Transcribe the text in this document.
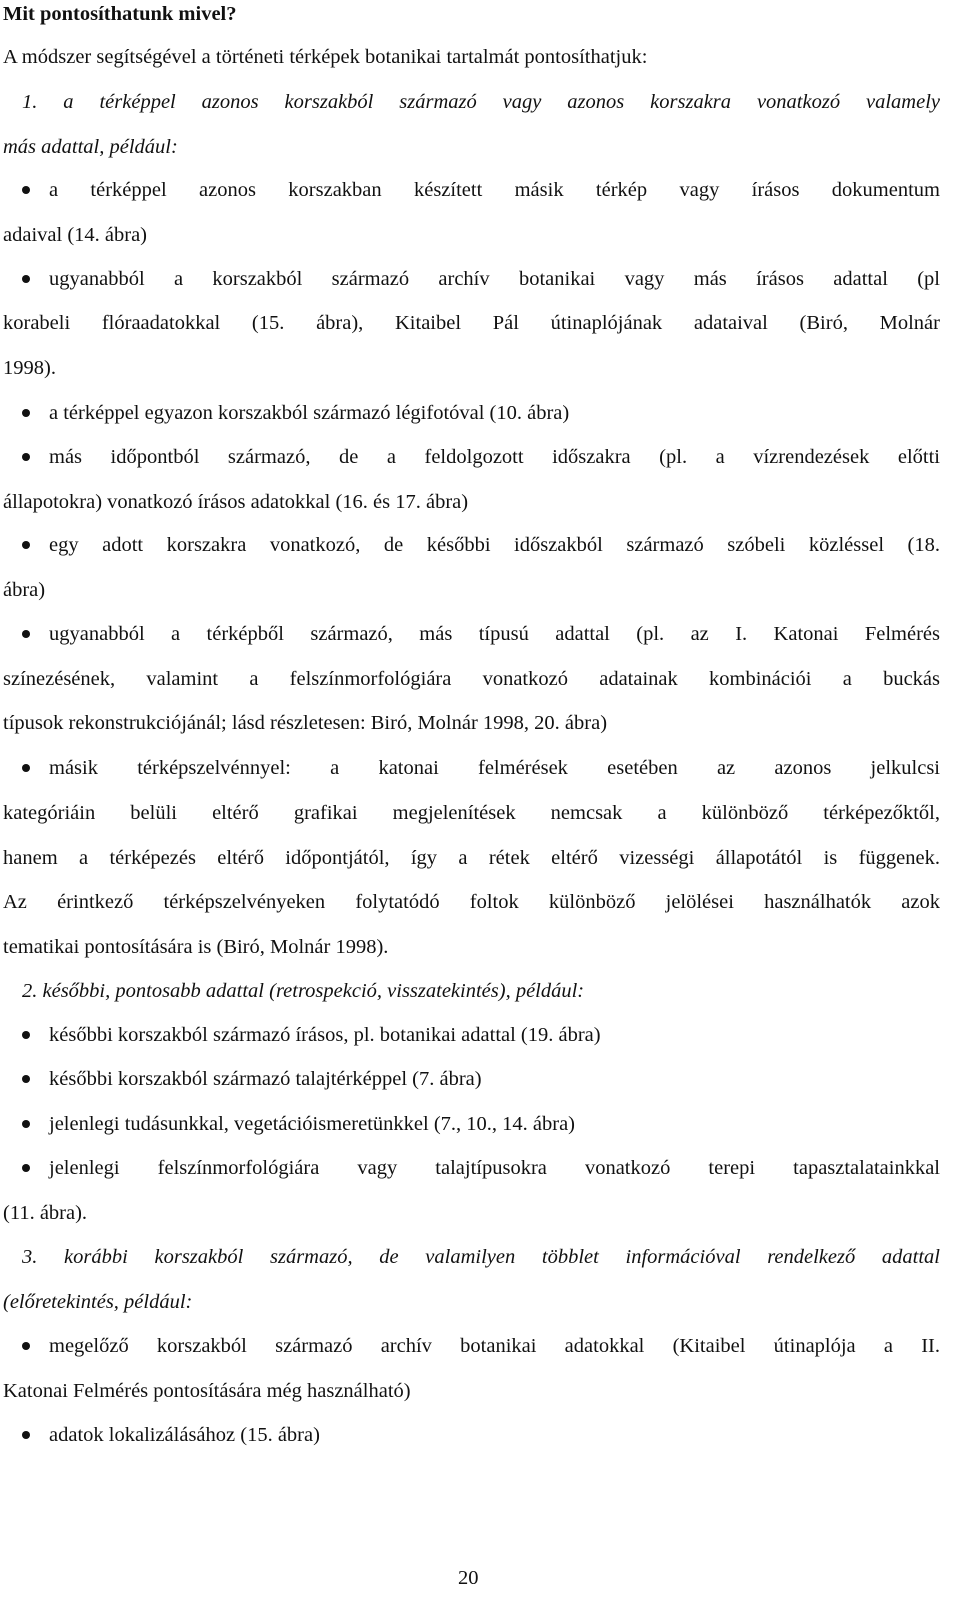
Mit pontosíthatunk mivel?
A módszer segítségével a történeti térképek botanikai tartalmát pontosíthatjuk:
1. a térképpel azonos korszakból származó vagy azonos korszakra vonatkozó valamely
más adattal, például:
a térképpel azonos korszakban készített másik térkép vagy írásos dokumentum
adaival (14. ábra)
ugyanabból a korszakból származó archív botanikai vagy más írásos adattal (pl
korabeli flóraadatokkal (15. ábra), Kitaibel Pál útinaplójának adataival (Biró, Molnár
1998).
a térképpel egyazon korszakból származó légifotóval (10. ábra)
más időpontból származó, de a feldolgozott időszakra (pl. a vízrendezések előtti
állapotokra) vonatkozó írásos adatokkal (16. és 17. ábra)
egy adott korszakra vonatkozó, de későbbi időszakból származó szóbeli közléssel (18.
ábra)
ugyanabból a térképből származó, más típusú adattal (pl. az I. Katonai Felmérés
színezésének, valamint a felszínmorfológiára vonatkozó adatainak kombinációi a buckás
típusok rekonstrukciójánál; lásd részletesen: Biró, Molnár 1998, 20. ábra)
másik térképszelvénnyel: a katonai felmérések esetében az azonos jelkulcsi
kategóriáin belüli eltérő grafikai megjelenítések nemcsak a különböző térképezőktől,
hanem a térképezés eltérő időpontjától, így a rétek eltérő vizességi állapotától is függenek.
Az érintkező térképszelvényeken folytatódó foltok különböző jelölései használhatók azok
tematikai pontosítására is (Biró, Molnár 1998).
2. későbbi, pontosabb adattal (retrospekció, visszatekintés), például:
későbbi korszakból származó írásos, pl. botanikai adattal (19. ábra)
későbbi korszakból származó talajtérképpel (7. ábra)
jelenlegi tudásunkkal, vegetációismeretünkkel (7., 10., 14. ábra)
jelenlegi felszínmorfológiára vagy talajtípusokra vonatkozó terepi tapasztalatainkkal
(11. ábra).
3. korábbi korszakból származó, de valamilyen többlet információval rendelkező adattal
(előretekintés, például:
megelőző korszakból származó archív botanikai adatokkal (Kitaibel útinaplója a II.
Katonai Felmérés pontosítására még használható)
adatok lokalizálásához (15. ábra)
20
